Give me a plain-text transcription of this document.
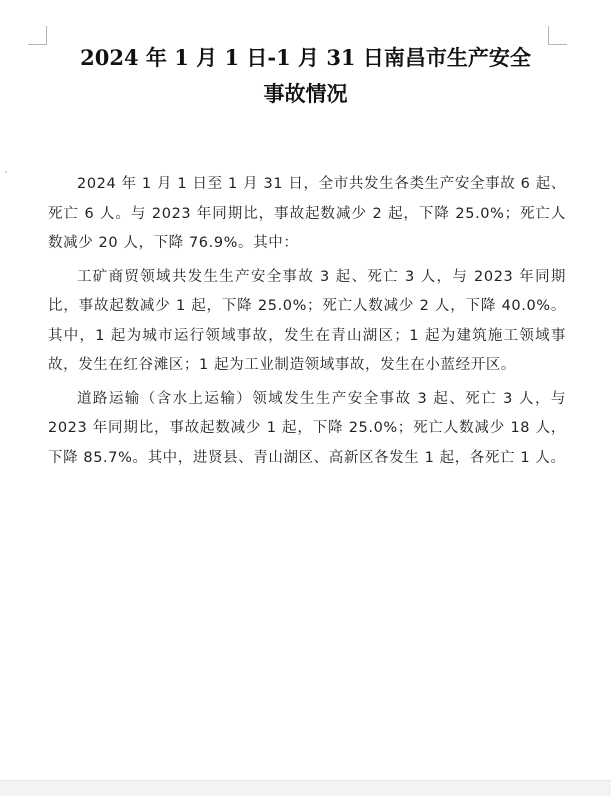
ˇ
2024 年 1 月 1 日-1 月 31 日南昌市生产安全
事故情况

2024 年 1 月 1 日至 1 月 31 日，全市共发生各类生产安全事故 6 起、死亡 6 人。与 2023 年同期比，事故起数减少 2 起，下降 25.0%；死亡人数减少 20 人，下降 76.9%。其中：

工矿商贸领域共发生生产安全事故 3 起、死亡 3 人，与 2023 年同期比，事故起数减少 1 起，下降 25.0%；死亡人数减少 2 人，下降 40.0%。其中，1 起为城市运行领域事故，发生在青山湖区；1 起为建筑施工领域事故，发生在红谷滩区；1 起为工业制造领域事故，发生在小蓝经开区。

道路运输（含水上运输）领域发生生产安全事故 3 起、死亡 3 人，与 2023 年同期比，事故起数减少 1 起，下降 25.0%；死亡人数减少 18 人，下降 85.7%。其中，进贤县、青山湖区、高新区各发生 1 起，各死亡 1 人。
